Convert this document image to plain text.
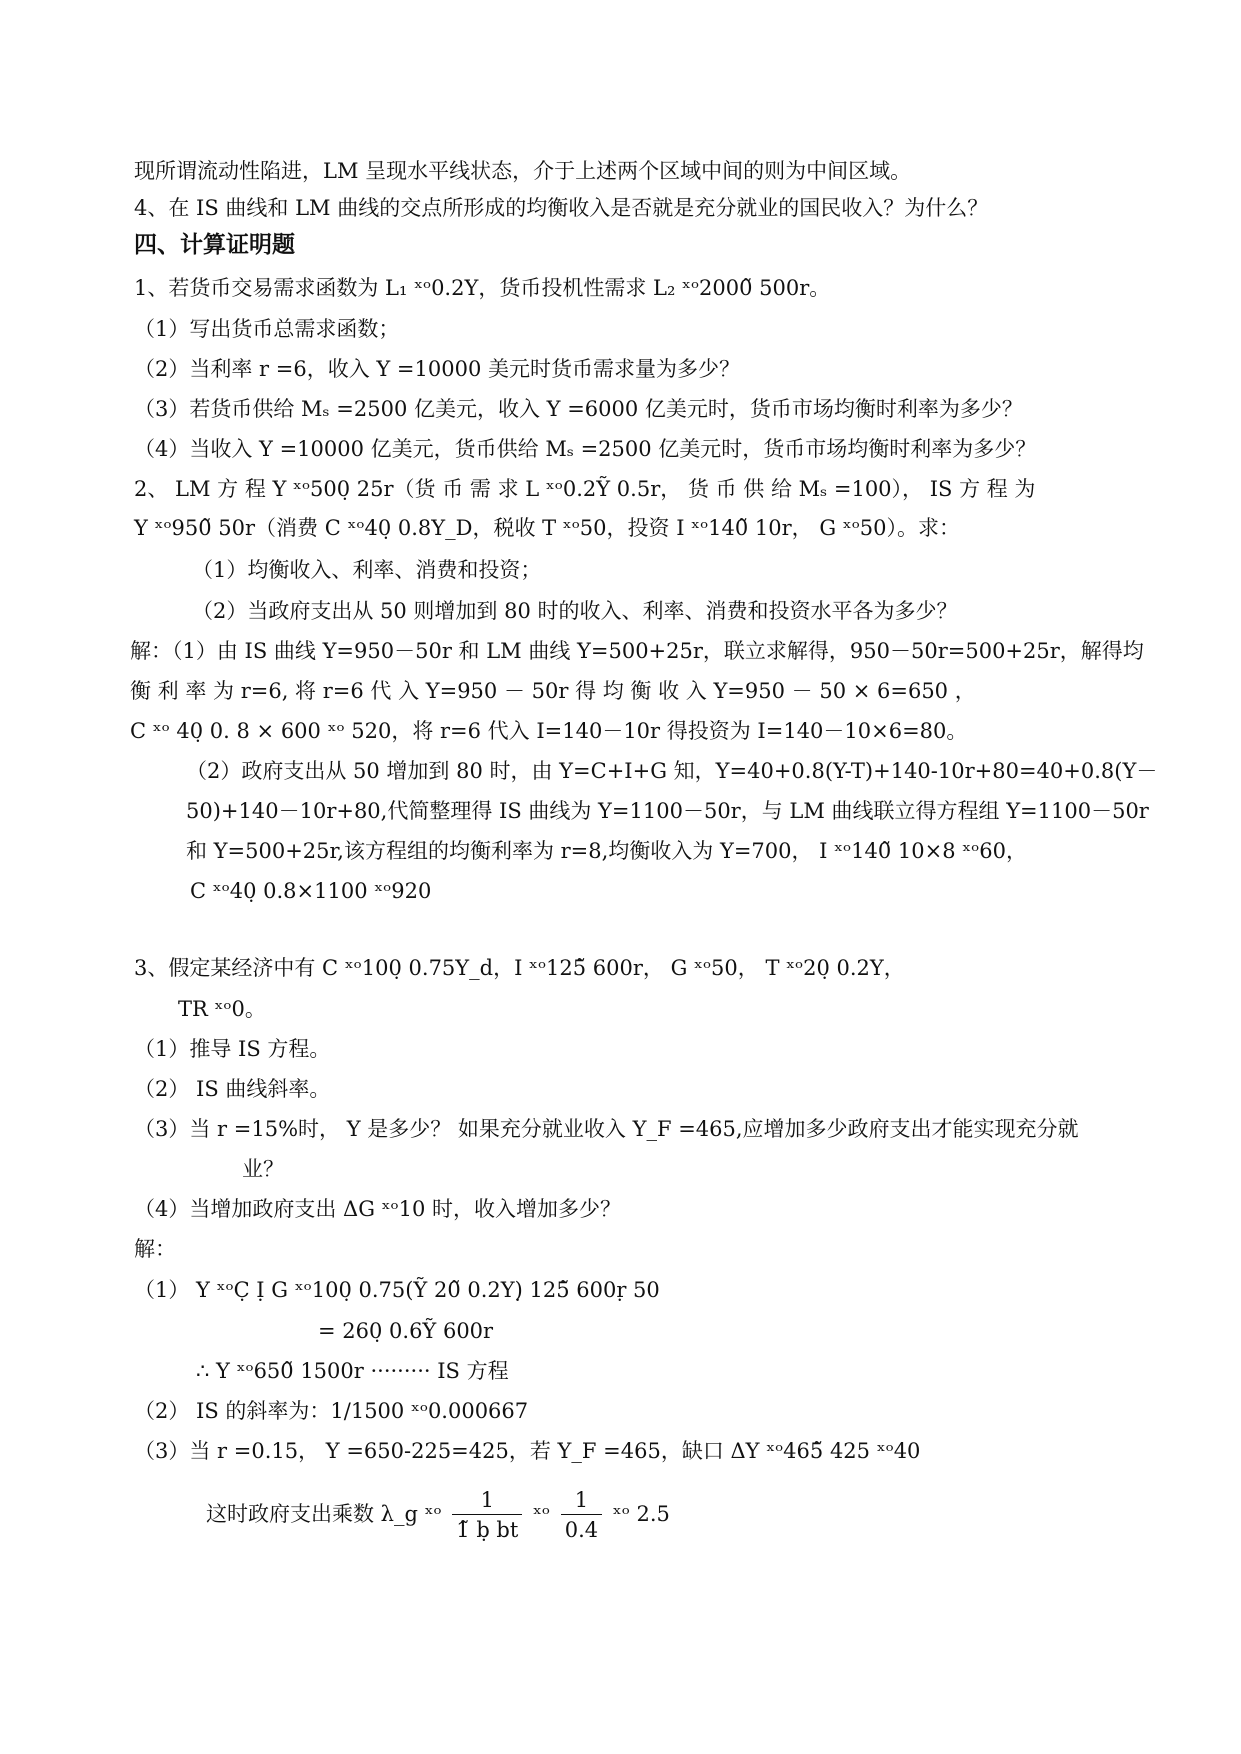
现所谓流动性陷进，LM 呈现水平线状态，介于上述两个区域中间的则为中间区域。
4、在 IS 曲线和 LM 曲线的交点所形成的均衡收入是否就是充分就业的国民收入？为什么？
四、计算证明题
1、若货币交易需求函数为 L₁ ˣᵒ0.2Y，货币投机性需求 L₂ ˣᵒ2000̃ 500r。
（1）写出货币总需求函数；
（2）当利率 r =6，收入 Y =10000 美元时货币需求量为多少？
（3）若货币供给 Mₛ =2500 亿美元，收入 Y =6000 亿美元时，货币市场均衡时利率为多少？
（4）当收入 Y =10000 亿美元，货币供给 Mₛ =2500 亿美元时，货币市场均衡时利率为多少？
2、 LM 方 程 Y ˣᵒ500̣ 25r（货 币 需 求 L ˣᵒ0.2Ỹ 0.5r， 货 币 供 给 Mₛ =100）， IS 方 程 为
Y ˣᵒ950̃ 50r（消费 C ˣᵒ40̣ 0.8Y_D，税收 T ˣᵒ50，投资 I ˣᵒ140̃ 10r， G ˣᵒ50）。求：
（1）均衡收入、利率、消费和投资；
（2）当政府支出从 50 则增加到 80 时的收入、利率、消费和投资水平各为多少？
解：（1）由 IS 曲线 Y=950－50r 和 LM 曲线 Y=500+25r，联立求解得，950－50r=500+25r，解得均
衡 利 率 为 r=6, 将 r=6 代 入 Y=950 － 50r 得 均 衡 收 入 Y=950 － 50 × 6=650 ，
C ˣᵒ 40̣ 0. 8 × 600 ˣᵒ 520，将 r=6 代入 I=140－10r 得投资为 I=140－10×6=80。
（2）政府支出从 50 增加到 80 时，由 Y=C+I+G 知，Y=40+0.8(Y-T)+140-10r+80=40+0.8(Y－
50)+140－10r+80,代简整理得 IS 曲线为 Y=1100－50r，与 LM 曲线联立得方程组 Y=1100－50r
和 Y=500+25r,该方程组的均衡利率为 r=8,均衡收入为 Y=700， I ˣᵒ140̃ 10×8 ˣᵒ60，
C ˣᵒ40̣ 0.8×1100 ˣᵒ920
3、假定某经济中有 C ˣᵒ100̣ 0.75Y_d，I ˣᵒ125̃ 600r， G ˣᵒ50， T ˣᵒ20̣ 0.2Y，
TR ˣᵒ0。
（1）推导 IS 方程。
（2） IS 曲线斜率。
（3）当 r =15%时， Y 是多少？ 如果充分就业收入 Y_F =465,应增加多少政府支出才能实现充分就
业？
（4）当增加政府支出 ΔG ˣᵒ10 时，收入增加多少？
解：
（1） Y ˣᵒC̣ Ị G ˣᵒ100̣ 0.75(Ỹ 20̃ 0.2Y)̣ 125̃ 600ṛ 50
= 260̣ 0.6Ỹ 600r
∴ Y ˣᵒ650̃ 1500r ········· IS 方程
（2） IS 的斜率为：1/1500 ˣᵒ0.000667
（3）当 r =0.15， Y =650-225=425，若 Y_F =465，缺口 ΔY ˣᵒ465̃ 425 ˣᵒ40
这时政府支出乘数 λ_g ˣᵒ $\frac{1}{\text{1̃ ḅ bt}}$ ˣᵒ $\frac{1}{0.4}$ ˣᵒ 2.5
